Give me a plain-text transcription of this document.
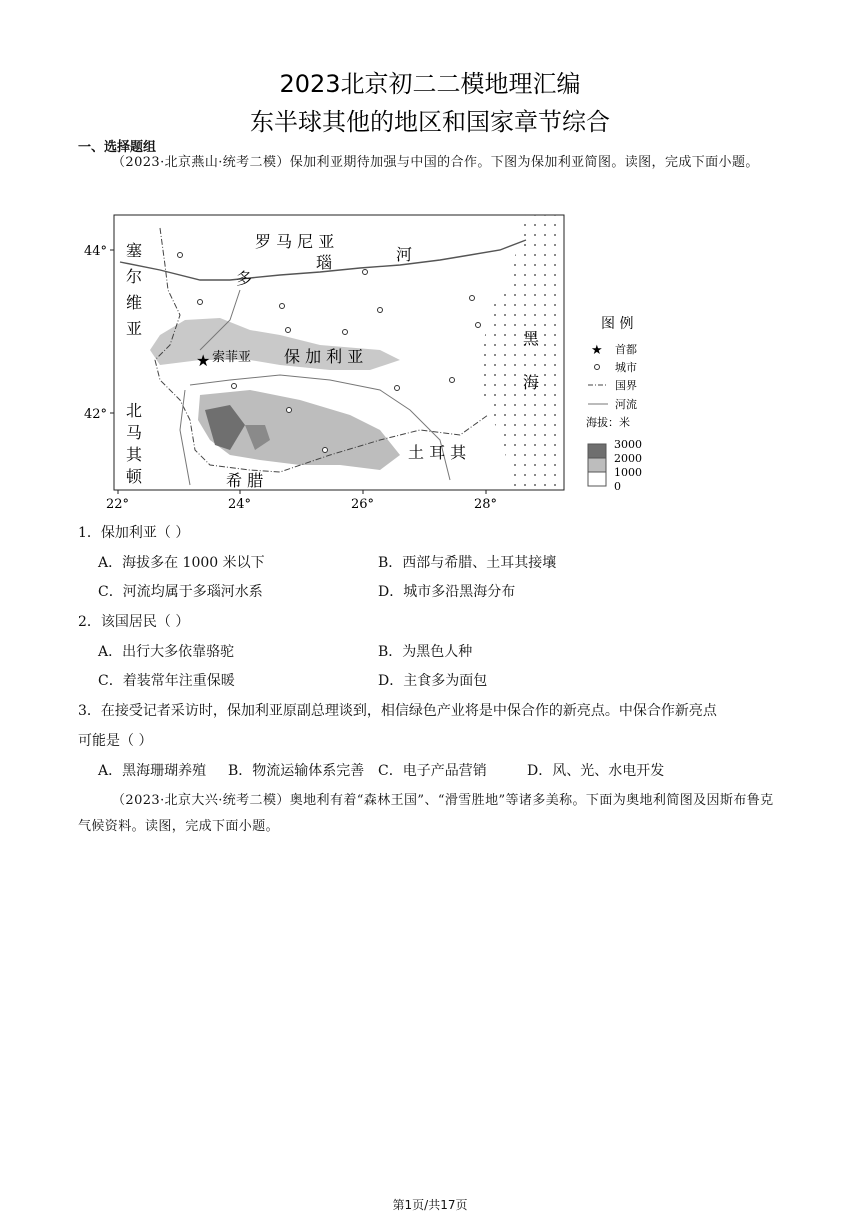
2023北京初二二模地理汇编
东半球其他的地区和国家章节综合
一、选择题组
（2023·北京燕山·统考二模）保加利亚期待加强与中国的合作。下图为保加利亚简图。读图，完成下面小题。
★
44°
42°
22°	24°	26°	28°
罗 马 尼 亚
河
多
瑙
塞
尔
维
亚
索菲亚 保 加 利 亚
黑
海
北
马
其
顿
土 耳 其
希 腊
图 例
★ 首都
城市
国界
河流
海拔：米
3000
2000
1000
0
1．保加利亚（ ）
A．海拔多在 1000 米以下	B．西部与希腊、土耳其接壤
C．河流均属于多瑙河水系	D．城市多沿黑海分布
2．该国居民（ ）
A．出行大多依靠骆驼	B．为黑色人种
C．着装常年注重保暖	D．主食多为面包
3．在接受记者采访时，保加利亚原副总理谈到，相信绿色产业将是中保合作的新亮点。中保合作新亮点
可能是（ ）
A．黑海珊瑚养殖 B．物流运输体系完善 C．电子产品营销	D．风、光、水电开发
（2023·北京大兴·统考二模）奥地利有着“森林王国”、“滑雪胜地”等诸多美称。下面为奥地利简图及因斯布鲁克气候资料。读图，完成下面小题。
第1页/共17页
